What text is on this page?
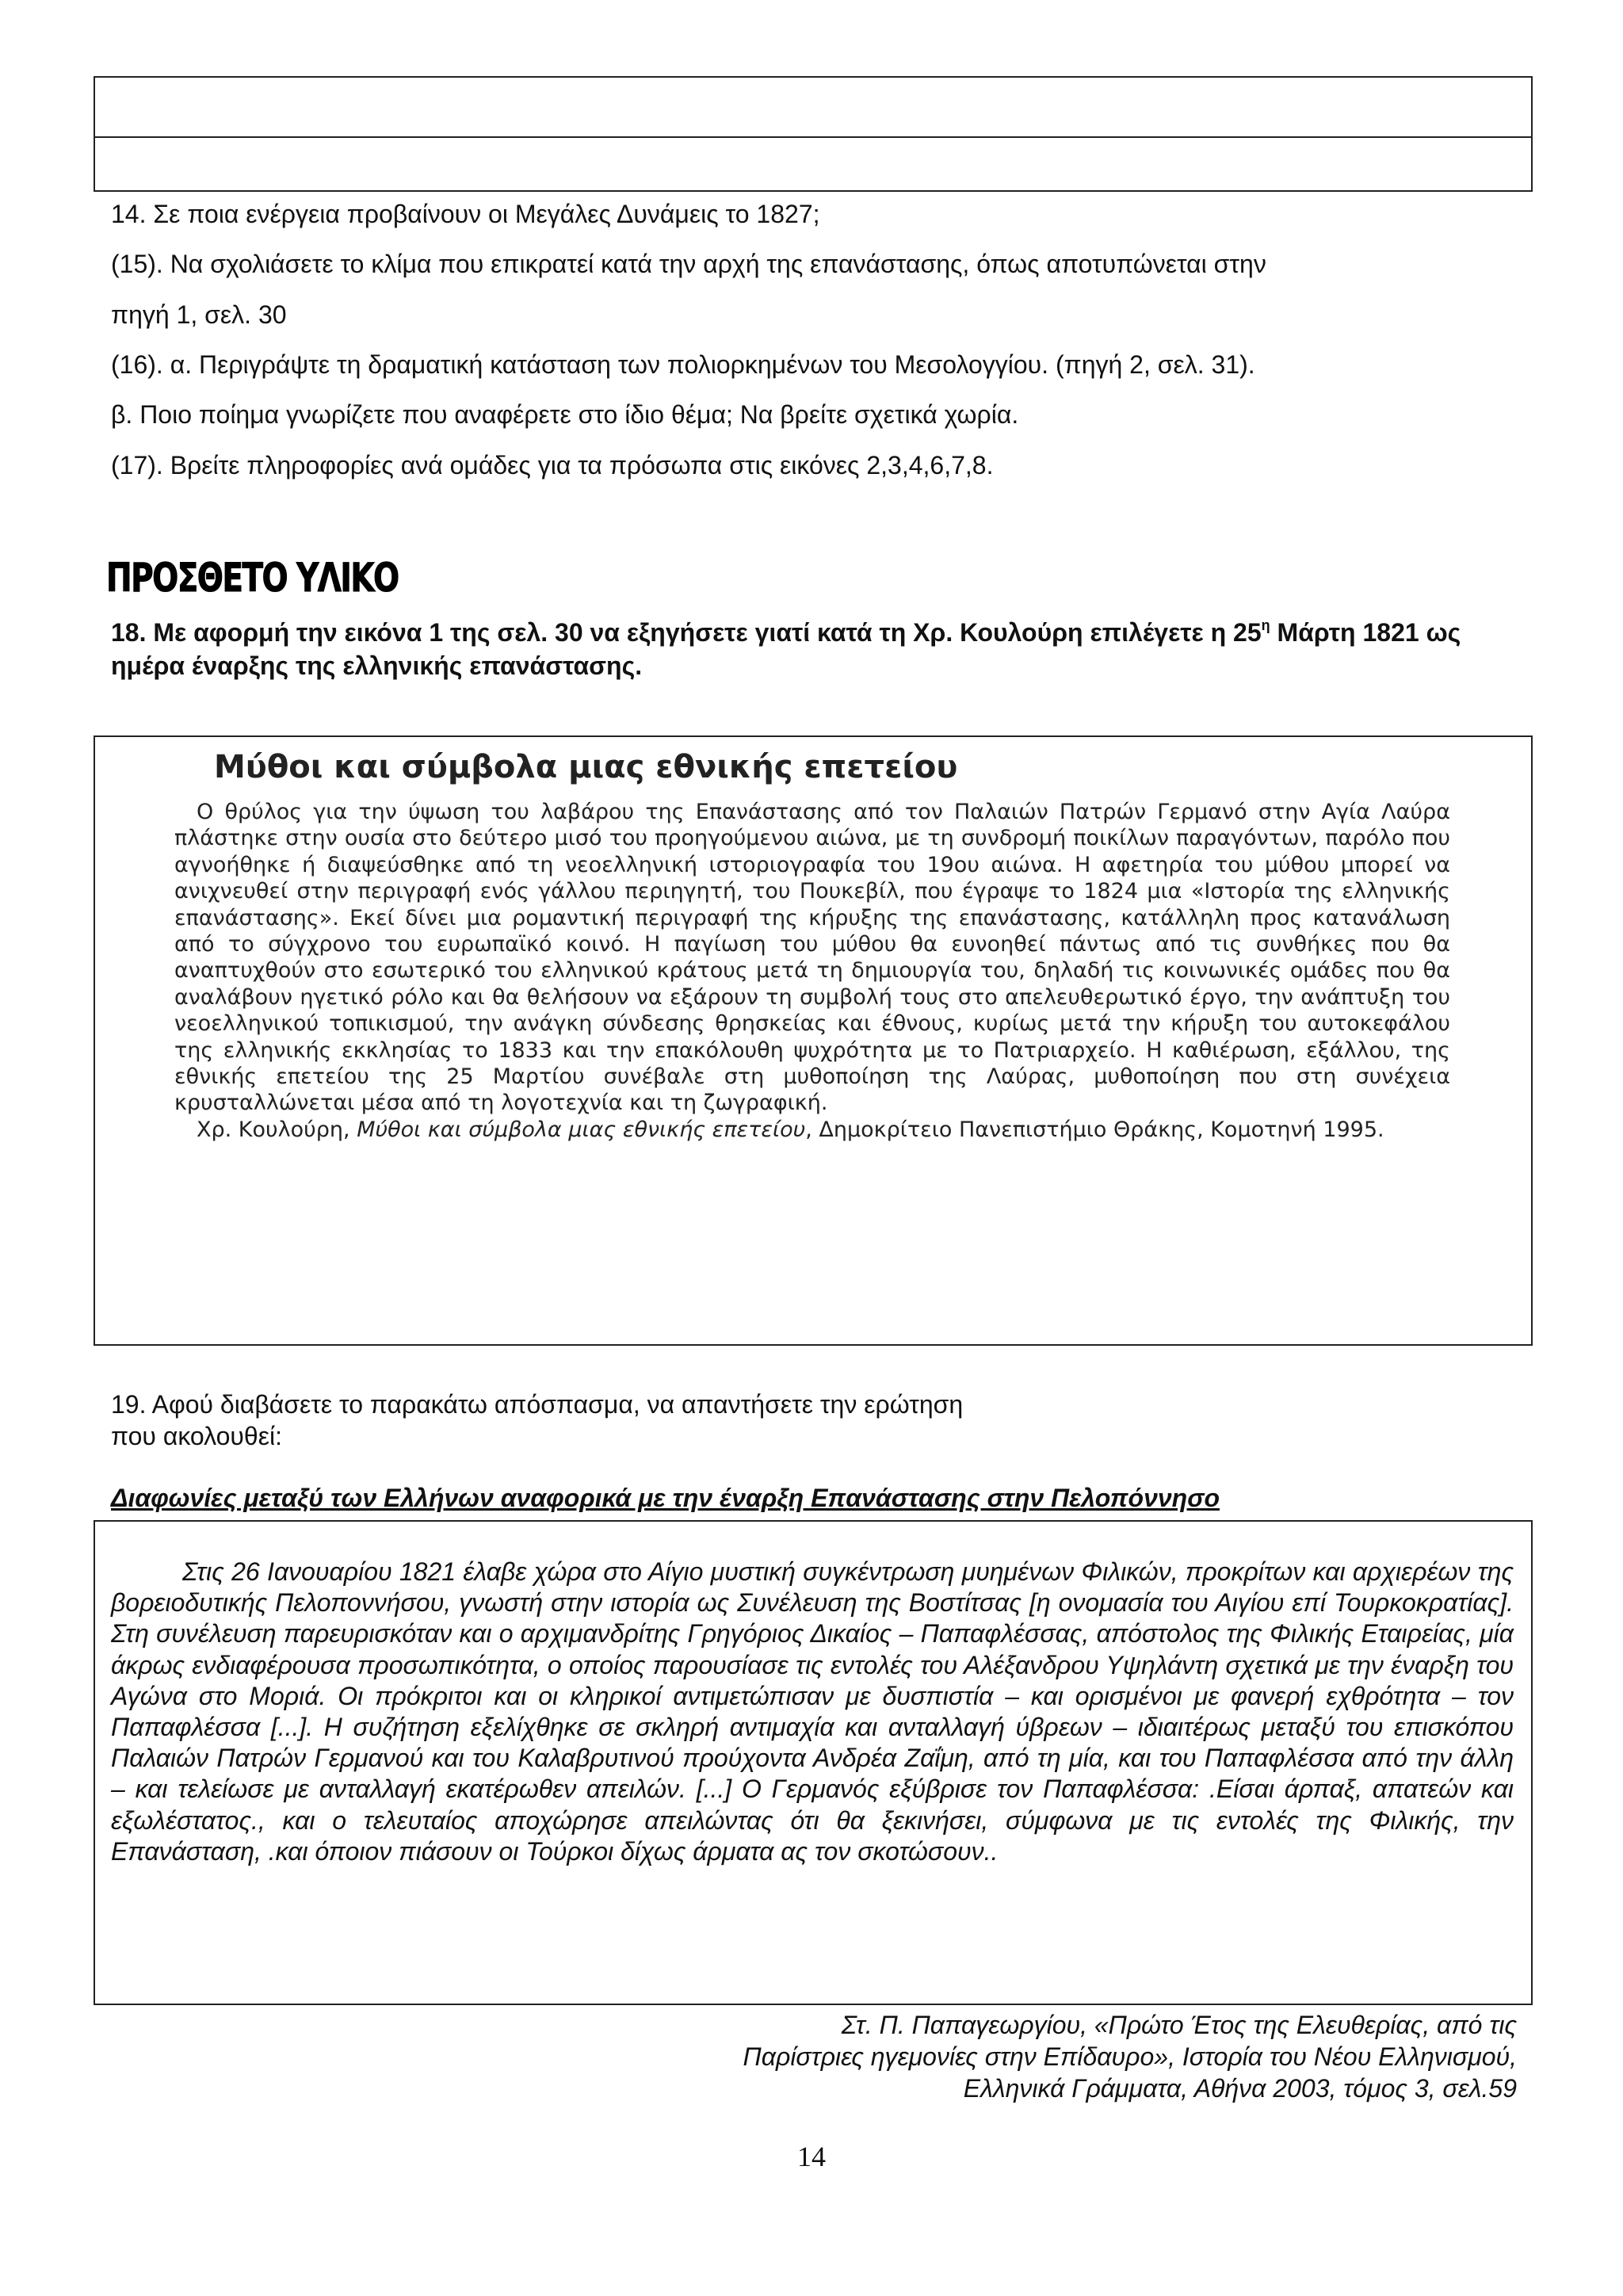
14. Σε ποια ενέργεια προβαίνουν οι Μεγάλες Δυνάμεις το 1827;
(15). Να σχολιάσετε το κλίμα που επικρατεί κατά την αρχή της επανάστασης, όπως αποτυπώνεται στην
πηγή 1, σελ. 30
(16). α. Περιγράψτε τη δραματική κατάσταση των πολιορκημένων του Μεσολογγίου. (πηγή 2, σελ. 31).
β. Ποιο ποίημα γνωρίζετε που αναφέρετε στο ίδιο θέμα; Να βρείτε σχετικά χωρία.
(17). Βρείτε πληροφορίες ανά ομάδες για τα πρόσωπα στις εικόνες 2,3,4,6,7,8.
ΠΡΟΣΘΕΤΟ ΥΛΙΚΟ
18. Με αφορμή την εικόνα 1 της σελ. 30 να εξηγήσετε γιατί κατά τη Χρ. Κουλούρη επιλέγετε η $25^\eta$ Μάρτη 1821 ως ημέρα έναρξης της ελληνικής επανάστασης.
Μύθοι και σύμβολα μιας εθνικής επετείου

Ο θρύλος για την ύψωση του λαβάρου της Επανάστασης από τον Παλαιών Πατρών Γερμανό στην Αγία Λαύρα πλάστηκε στην ουσία στο δεύτερο μισό του προηγούμενου αιώνα, με τη συνδρομή ποικίλων παραγόντων, παρόλο που αγνοήθηκε ή διαψεύσθηκε από τη νεοελληνική ιστοριογραφία του 19ου αιώνα. Η αφετηρία του μύθου μπορεί να ανιχνευθεί στην περιγραφή ενός γάλλου περιηγητή, του Πουκεβίλ, που έγραψε το 1824 μια «Ιστορία της ελληνικής επανάστασης». Εκεί δίνει μια ρομαντική περιγραφή της κήρυξης της επανάστασης, κατάλληλη προς κατανάλωση από το σύγχρονο του ευρωπαϊκό κοινό. Η παγίωση του μύθου θα ευνοηθεί πάντως από τις συνθήκες που θα αναπτυχθούν στο εσωτερικό του ελληνικού κράτους μετά τη δημιουργία του, δηλαδή τις κοινωνικές ομάδες που θα αναλάβουν ηγετικό ρόλο και θα θελήσουν να εξάρουν τη συμβολή τους στο απελευθερωτικό έργο, την ανάπτυξη του νεοελληνικού τοπικισμού, την ανάγκη σύνδεσης θρησκείας και έθνους, κυρίως μετά την κήρυξη του αυτοκεφάλου της ελληνικής εκκλησίας το 1833 και την επακόλουθη ψυχρότητα με το Πατριαρχείο. Η καθιέρωση, εξάλλου, της εθνικής επετείου της 25 Μαρτίου συνέβαλε στη μυθοποίηση της Λαύρας, μυθοποίηση που στη συνέχεια κρυσταλλώνεται μέσα από τη λογοτεχνία και τη ζωγραφική.

Χρ. Κουλούρη, Μύθοι και σύμβολα μιας εθνικής επετείου, Δημοκρίτειο Πανεπιστήμιο Θράκης, Κομοτηνή 1995.

19. Αφού διαβάσετε το παρακάτω απόσπασμα, να απαντήσετε την ερώτηση
που ακολουθεί:
Διαφωνίες μεταξύ των Ελλήνων αναφορικά με την έναρξη Επανάστασης στην Πελοπόννησο

Στις 26 Ιανουαρίου 1821 έλαβε χώρα στο Αίγιο μυστική συγκέντρωση μυημένων Φιλικών, προκρίτων και αρχιερέων της βορειοδυτικής Πελοποννήσου, γνωστή στην ιστορία ως Συνέλευση της Βοστίτσας [η ονομασία του Αιγίου επί Τουρκοκρατίας]. Στη συνέλευση παρευρισκόταν και ο αρχιμανδρίτης Γρηγόριος Δικαίος – Παπαφλέσσας, απόστολος της Φιλικής Εταιρείας, μία άκρως ενδιαφέρουσα προσωπικότητα, ο οποίος παρουσίασε τις εντολές του Αλέξανδρου Υψηλάντη σχετικά με την έναρξη του Αγώνα στο Μοριά. Οι πρόκριτοι και οι κληρικοί αντιμετώπισαν με δυσπιστία – και ορισμένοι με φανερή εχθρότητα – τον Παπαφλέσσα [...]. Η συζήτηση εξελίχθηκε σε σκληρή αντιμαχία και ανταλλαγή ύβρεων – ιδιαιτέρως μεταξύ του επισκόπου Παλαιών Πατρών Γερμανού και του Καλαβρυτινού προύχοντα Ανδρέα Ζαΐμη, από τη μία, και του Παπαφλέσσα από την άλλη – και τελείωσε με ανταλλαγή εκατέρωθεν απειλών. [...] Ο Γερμανός εξύβρισε τον Παπαφλέσσα: .Είσαι άρπαξ, απατεών και εξωλέστατος., και ο τελευταίος αποχώρησε απειλώντας ότι θα ξεκινήσει, σύμφωνα με τις εντολές της Φιλικής, την Επανάσταση, .και όποιον πιάσουν οι Τούρκοι δίχως άρματα ας τον σκοτώσουν..

Στ. Π. Παπαγεωργίου, «Πρώτο Έτος της Ελευθερίας, από τις
Παρίστριες ηγεμονίες στην Επίδαυρο», Ιστορία του Νέου Ελληνισμού,
Ελληνικά Γράμματα, Αθήνα 2003, τόμος 3, σελ.59
14
